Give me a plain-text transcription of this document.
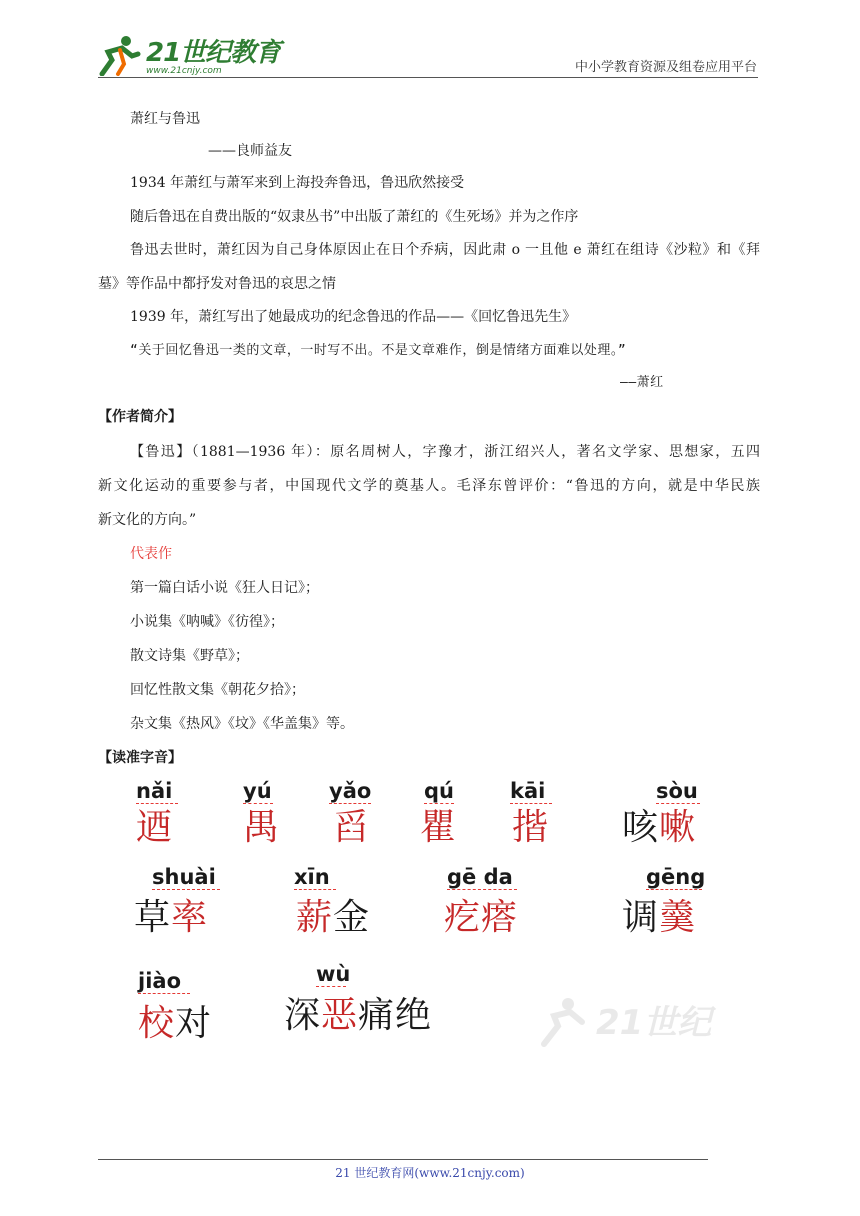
21世纪教育
www.21cnjy.com	中小学教育资源及组卷应用平台
萧红与鲁迅
——良师益友
1934 年萧红与萧军来到上海投奔鲁迅，鲁迅欣然接受
随后鲁迅在自费出版的“奴隶丛书”中出版了萧红的《生死场》并为之作序
鲁迅去世时，萧红因为自己身体原因止在日个乔病，因此肃 o 一且他 e 萧红在组诗《沙粒》和《拜
墓》等作品中都抒发对鲁迅的哀思之情
1939 年，萧红写出了她最成功的纪念鲁迅的作品——《回忆鲁迅先生》
“关于回忆鲁迅一类的文章，一时写不出。不是文章难作，倒是情绪方面难以处理。”
——萧红
【作者简介】
【鲁迅】（1881—1936 年）：原名周树人，字豫才，浙江绍兴人，著名文学家、思想家，五四
新文化运动的重要参与者，中国现代文学的奠基人。毛泽东曾评价：“鲁迅的方向，就是中华民族
新文化的方向。”
代表作
第一篇白话小说《狂人日记》；
小说集《呐喊》《彷徨》；
散文诗集《野草》；
回忆性散文集《朝花夕拾》；
杂文集《热风》《坟》《华盖集》等。
【读准字音】
nǎi
迺
yú
禺
yǎo
舀
qú
瞿
kāi
揩
sòu
咳嗽
shuài
草率
xīn
薪金
gē da
疙瘩
gēng
调羹
jiào
校对
wù
深恶痛绝	21世纪
21 世纪教育网(www.21cnjy.com)
